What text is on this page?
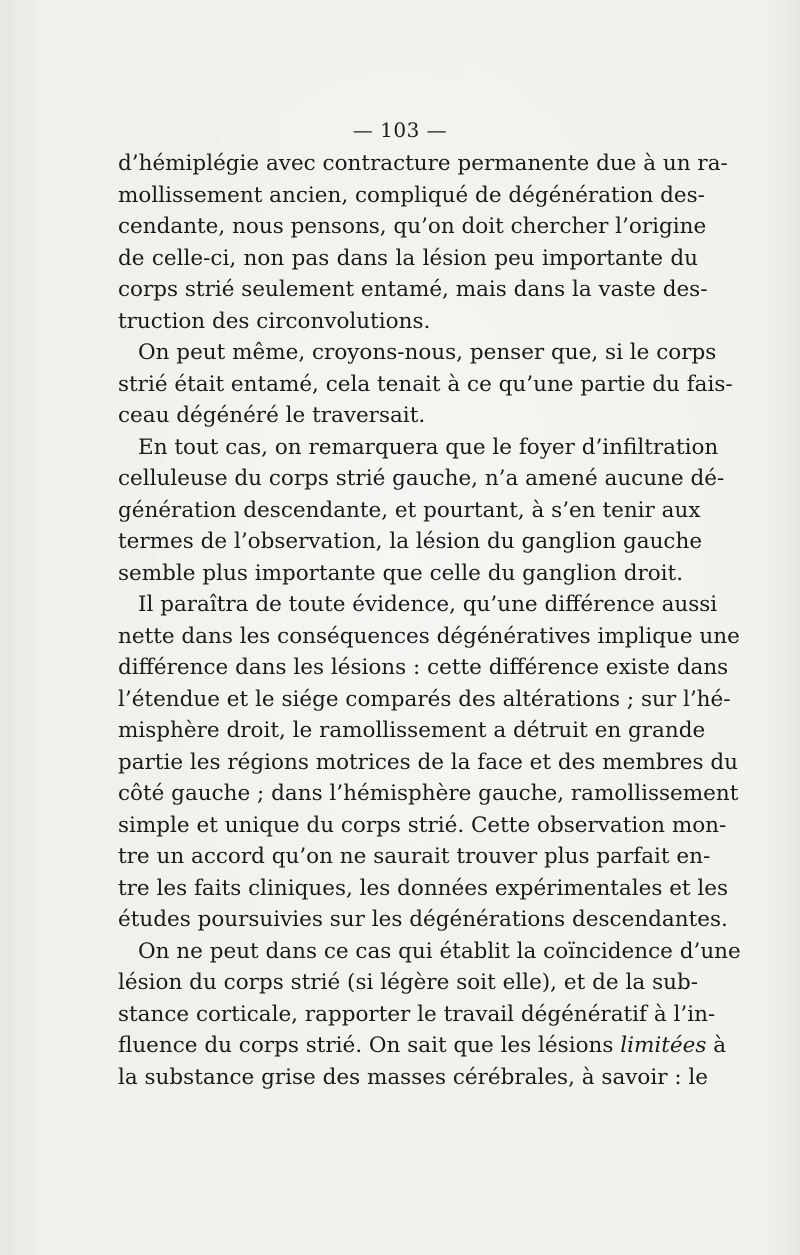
— 103 —

d’hémiplégie avec contracture permanente due à un ra-
mollissement ancien, compliqué de dégénération des-
cendante, nous pensons, qu’on doit chercher l’origine
de celle-ci, non pas dans la lésion peu importante du
corps strié seulement entamé, mais dans la vaste des-
truction des circonvolutions.

On peut même, croyons-nous, penser que, si le corps
strié était entamé, cela tenait à ce qu’une partie du fais-
ceau dégénéré le traversait.

En tout cas, on remarquera que le foyer d’infiltration
celluleuse du corps strié gauche, n’a amené aucune dé-
génération descendante, et pourtant, à s’en tenir aux
termes de l’observation, la lésion du ganglion gauche
semble plus importante que celle du ganglion droit.

Il paraîtra de toute évidence, qu’une différence aussi
nette dans les conséquences dégénératives implique une
différence dans les lésions : cette différence existe dans
l’étendue et le siége comparés des altérations ; sur l’hé-
misphère droit, le ramollissement a détruit en grande
partie les régions motrices de la face et des membres du
côté gauche ; dans l’hémisphère gauche, ramollissement
simple et unique du corps strié. Cette observation mon-
tre un accord qu’on ne saurait trouver plus parfait en-
tre les faits cliniques, les données expérimentales et les
études poursuivies sur les dégénérations descendantes.

On ne peut dans ce cas qui établit la coïncidence d’une
lésion du corps strié (si légère soit elle), et de la sub-
stance corticale, rapporter le travail dégénératif à l’in-
fluence du corps strié. On sait que les lésions limitées à
la substance grise des masses cérébrales, à savoir : le
